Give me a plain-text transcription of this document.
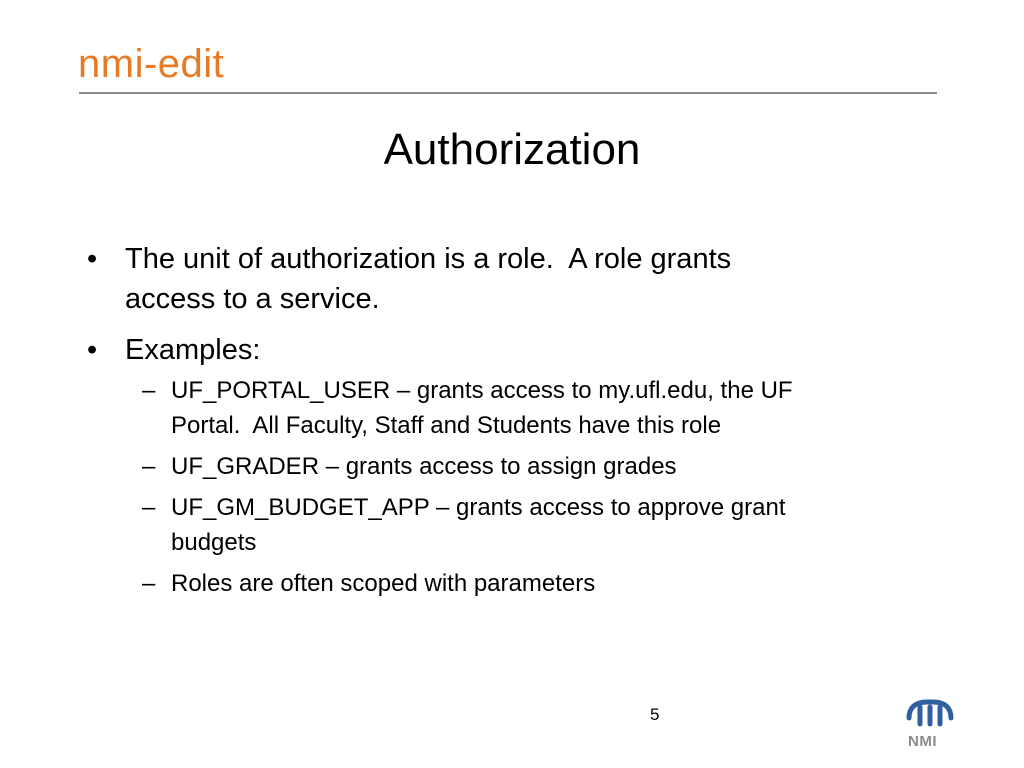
nmi-edit
Authorization
• The unit of authorization is a role.  A role grants
access to a service.
• Examples:
– UF_PORTAL_USER – grants access to my.ufl.edu, the UF
Portal.  All Faculty, Staff and Students have this role
– UF_GRADER – grants access to assign grades
– UF_GM_BUDGET_APP – grants access to approve grant
budgets
– Roles are often scoped with parameters
5
NMI
